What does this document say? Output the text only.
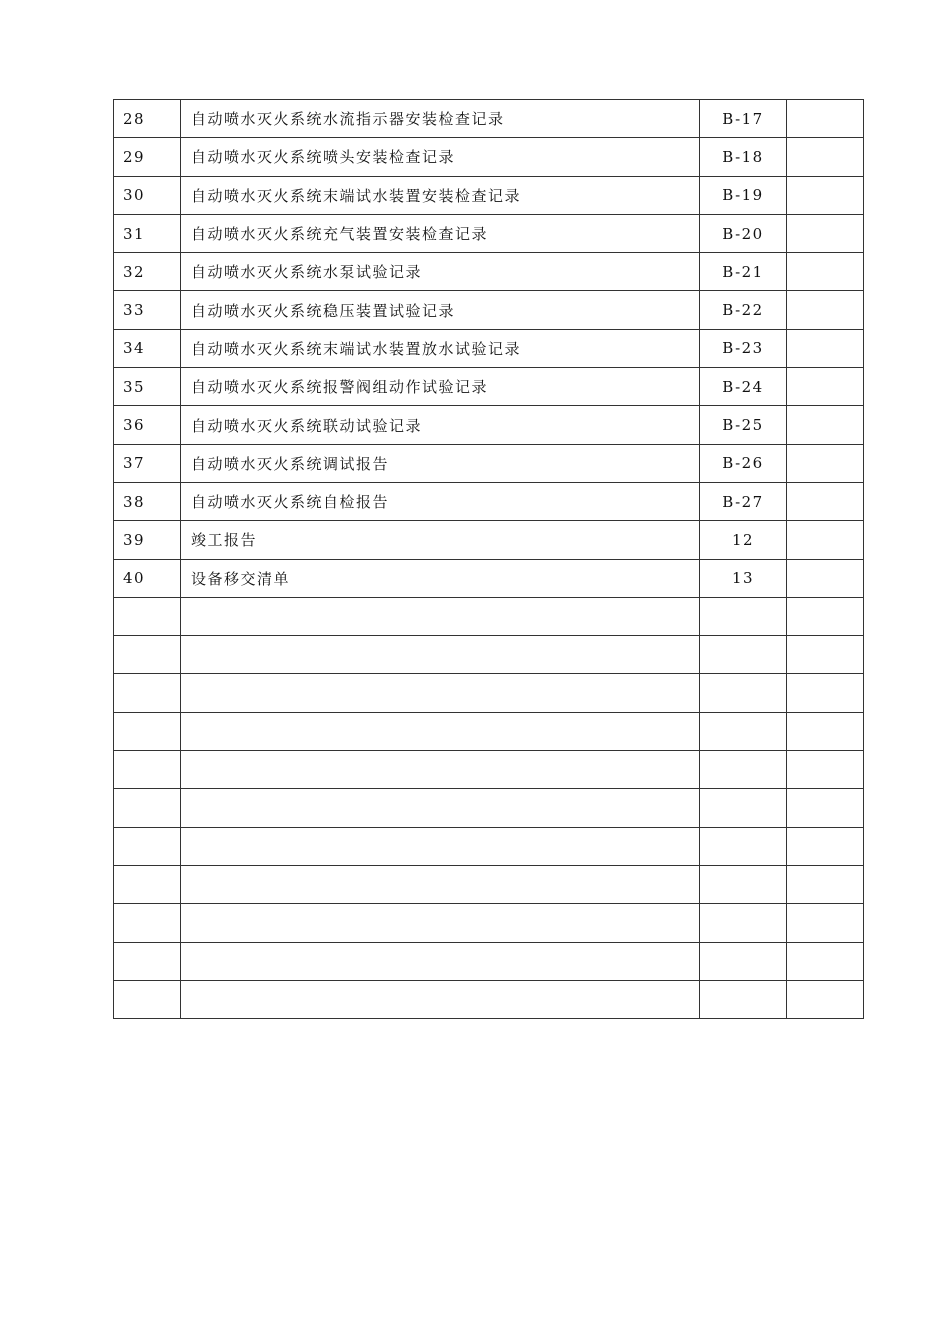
28	自动喷水灭火系统水流指示器安装检查记录	B-17	
29	自动喷水灭火系统喷头安装检查记录	B-18	
30	自动喷水灭火系统末端试水装置安装检查记录	B-19	
31	自动喷水灭火系统充气装置安装检查记录	B-20	
32	自动喷水灭火系统水泵试验记录	B-21	
33	自动喷水灭火系统稳压装置试验记录	B-22	
34	自动喷水灭火系统末端试水装置放水试验记录	B-23	
35	自动喷水灭火系统报警阀组动作试验记录	B-24	
36	自动喷水灭火系统联动试验记录	B-25	
37	自动喷水灭火系统调试报告	B-26	
38	自动喷水灭火系统自检报告	B-27	
39	竣工报告	12	
40	设备移交清单	13	
